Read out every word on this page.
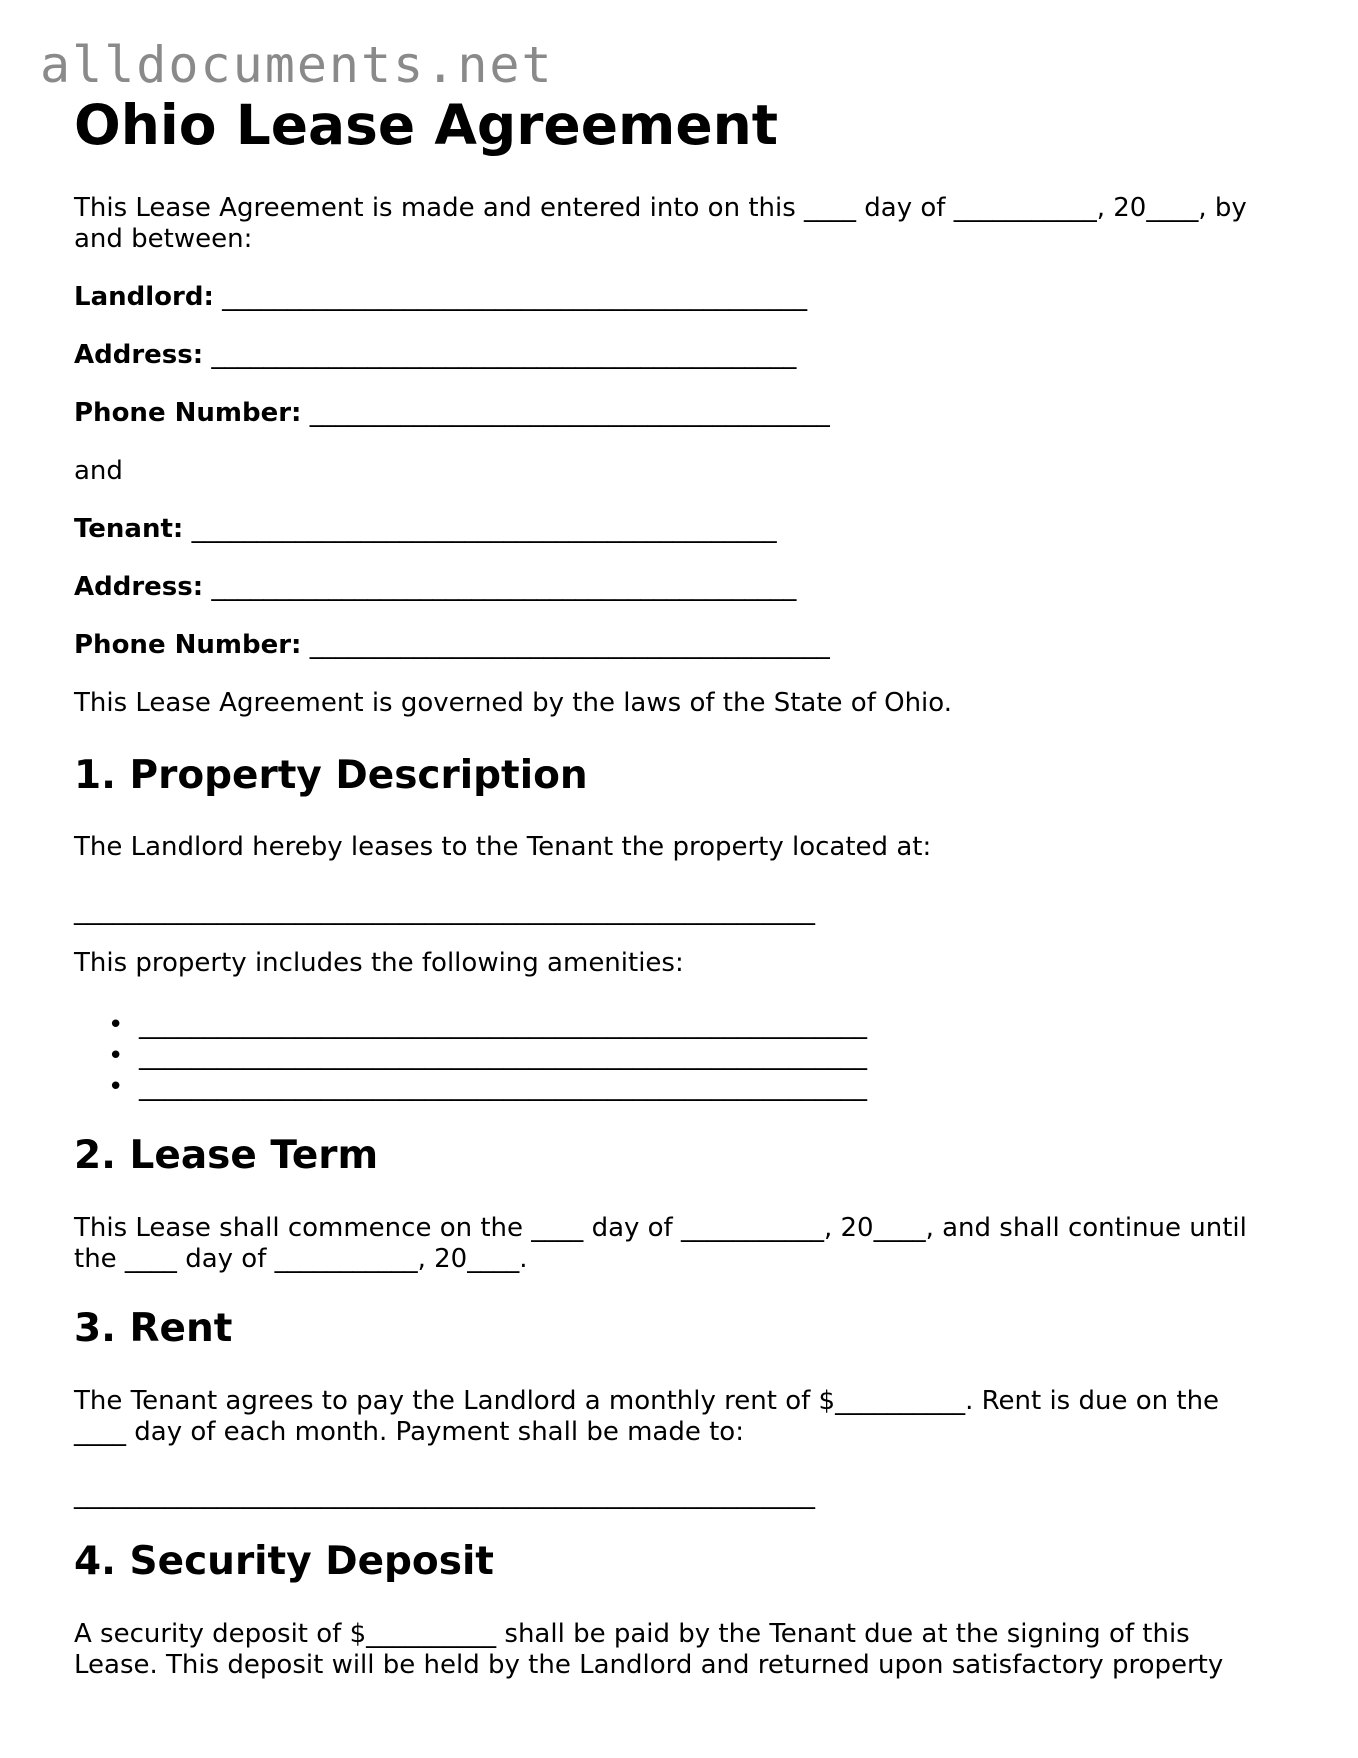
alldocuments.net
Ohio Lease Agreement

This Lease Agreement is made and entered into on this ____ day of ___________, 20____, by

and between:

Landlord: _____________________________________________

Address: _____________________________________________

Phone Number: ________________________________________

and

Tenant: _____________________________________________

Address: _____________________________________________

Phone Number: ________________________________________

This Lease Agreement is governed by the laws of the State of Ohio.

1. Property Description

The Landlord hereby leases to the Tenant the property located at:

_________________________________________________________

This property includes the following amenities:

• ________________________________________________________
• ________________________________________________________
• ________________________________________________________
2. Lease Term

This Lease shall commence on the ____ day of ___________, 20____, and shall continue until

the ____ day of ___________, 20____.

3. Rent

The Tenant agrees to pay the Landlord a monthly rent of $__________. Rent is due on the

____ day of each month. Payment shall be made to:

_________________________________________________________

4. Security Deposit

A security deposit of $__________ shall be paid by the Tenant due at the signing of this

Lease. This deposit will be held by the Landlord and returned upon satisfactory property
